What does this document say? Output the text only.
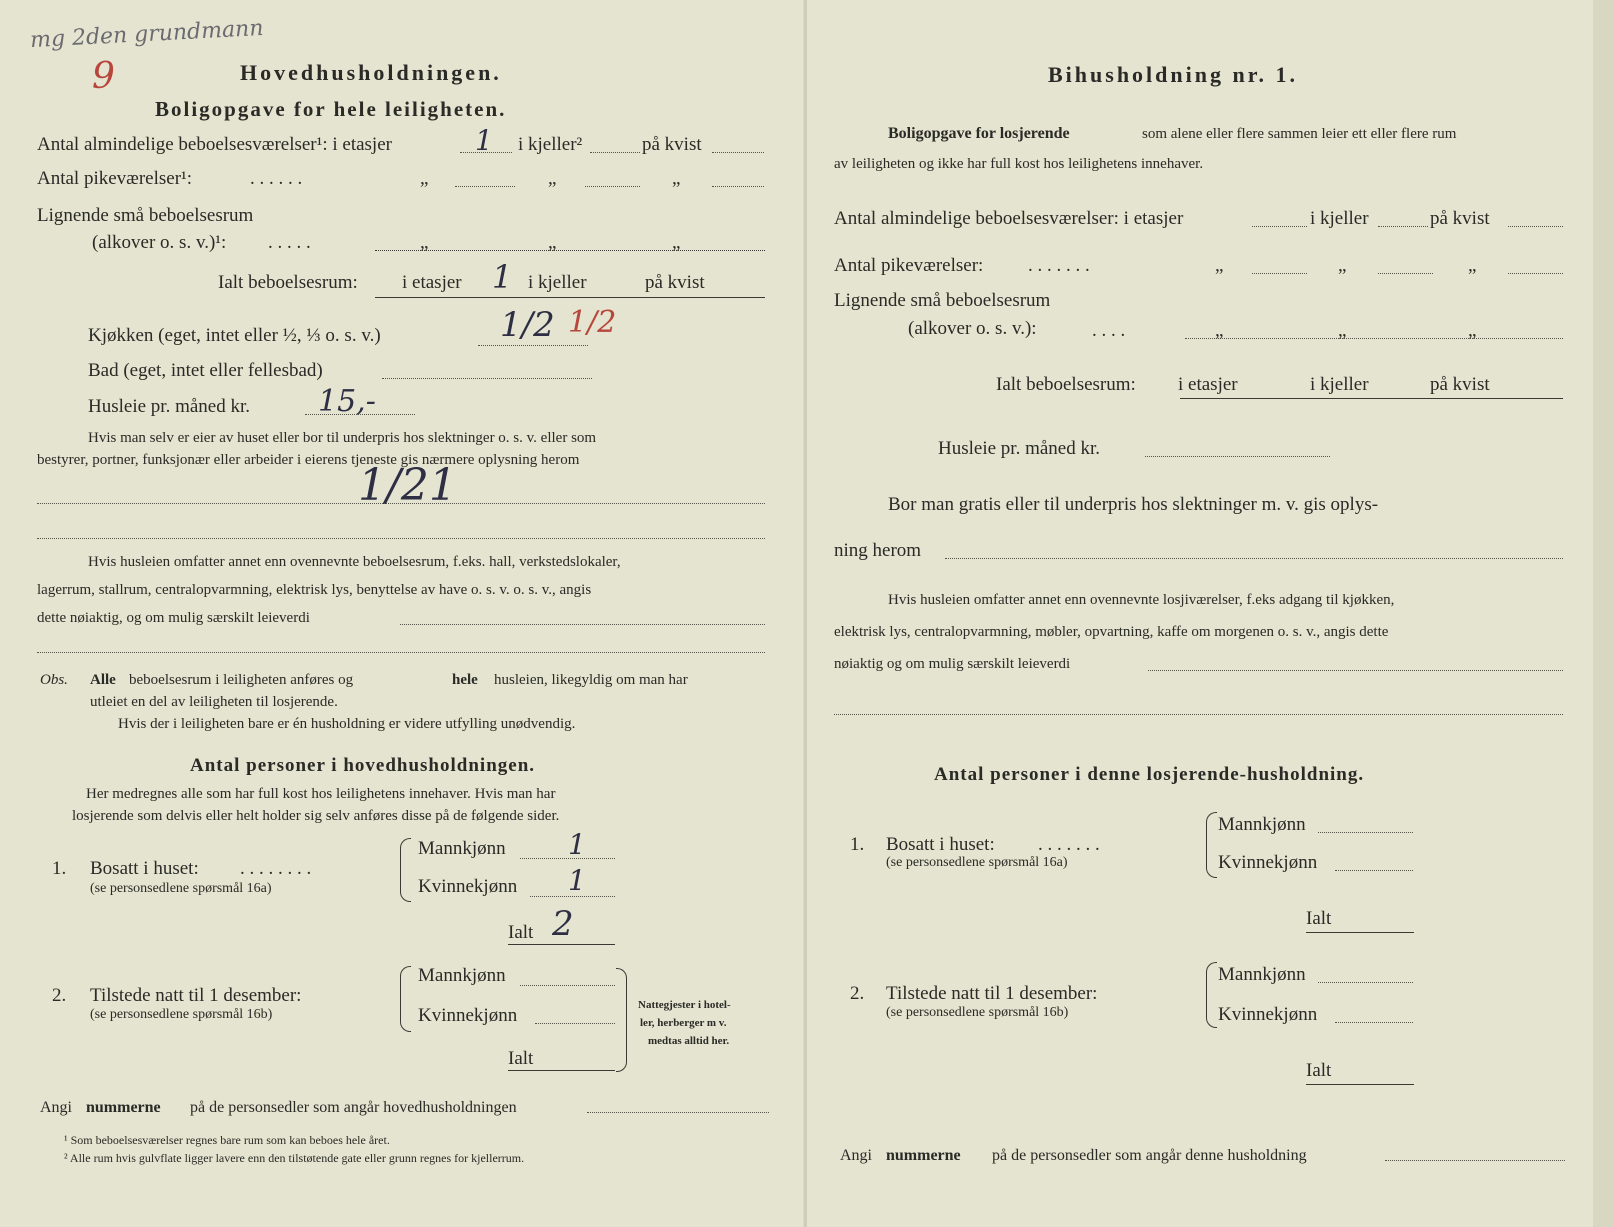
mg 2den grundmann
9	Hovedhusholdningen.
Boligopgave for hele leiligheten.
Antal almindelige beboelsesværelser¹: i etasjer	1 i kjeller²	på kvist
Antal pikeværelser¹:	. . . . . .	„	„	„
Lignende små beboelsesrum
(alkover o. s. v.)¹: . . . . .	„	„	„
Ialt beboelsesrum: i etasjer 1 i kjeller	på kvist
Kjøkken (eget, intet eller ½, ⅓ o. s. v.)	1/2 1/2
Bad (eget, intet eller fellesbad)
Husleie pr. måned kr. 15,-
Hvis man selv er eier av huset eller bor til underpris hos slektninger o. s. v. eller som
bestyrer, portner, funksjonær eller arbeider i eierens tjeneste gis nærmere oplysning herom
1/21
Hvis husleien omfatter annet enn ovennevnte beboelsesrum, f.eks. hall, verkstedslokaler,
lagerrum, stallrum, centralopvarmning, elektrisk lys, benyttelse av have o. s. v. o. s. v., angis
dette nøiaktig, og om mulig særskilt leieverdi
Obs. Alle beboelsesrum i leiligheten anføres og	hele husleien, likegyldig om man har
utleiet en del av leiligheten til losjerende.
Hvis der i leiligheten bare er én husholdning er videre utfylling unødvendig.
Antal personer i hovedhusholdningen.
Her medregnes alle som har full kost hos leilighetens innehaver. Hvis man har
losjerende som delvis eller helt holder sig selv anføres disse på de følgende sider.
1. Bosatt i huset: . . . . . . . .
(se personsedlene spørsmål 16a)
Mannkjønn 1
Kvinnekjønn 1
Ialt 2
2. Tilstede natt til 1 desember:
(se personsedlene spørsmål 16b)
Mannkjønn
Kvinnekjønn
Ialt
Nattegjester i hotel-
ler, herberger m v.
medtas alltid her.
Angi nummerne på de personsedler som angår hovedhusholdningen
¹ Som beboelsesværelser regnes bare rum som kan beboes hele året.
² Alle rum hvis gulvflate ligger lavere enn den tilstøtende gate eller grunn regnes for kjellerrum.
Bihusholdning nr. 1.
Boligopgave for losjerende	som alene eller flere sammen leier ett eller flere rum
av leiligheten og ikke har full kost hos leilighetens innehaver.
Antal almindelige beboelsesværelser: i etasjer	i kjeller	på kvist
Antal pikeværelser: . . . . . . .	„	„	„
Lignende små beboelsesrum
(alkover o. s. v.):	. . . .	„	„	„
Ialt beboelsesrum: i etasjer	i kjeller	på kvist
Husleie pr. måned kr.
Bor man gratis eller til underpris hos slektninger m. v. gis oplys-
ning herom
Hvis husleien omfatter annet enn ovennevnte losjiværelser, f.eks adgang til kjøkken,
elektrisk lys, centralopvarmning, møbler, opvartning, kaffe om morgenen o. s. v., angis dette
nøiaktig og om mulig særskilt leieverdi
Antal personer i denne losjerende-husholdning.
1. Bosatt i huset: . . . . . . .
(se personsedlene spørsmål 16a)
Mannkjønn
Kvinnekjønn
Ialt
2. Tilstede natt til 1 desember:
(se personsedlene spørsmål 16b)
Mannkjønn
Kvinnekjønn
Ialt
Angi nummerne på de personsedler som angår denne husholdning
